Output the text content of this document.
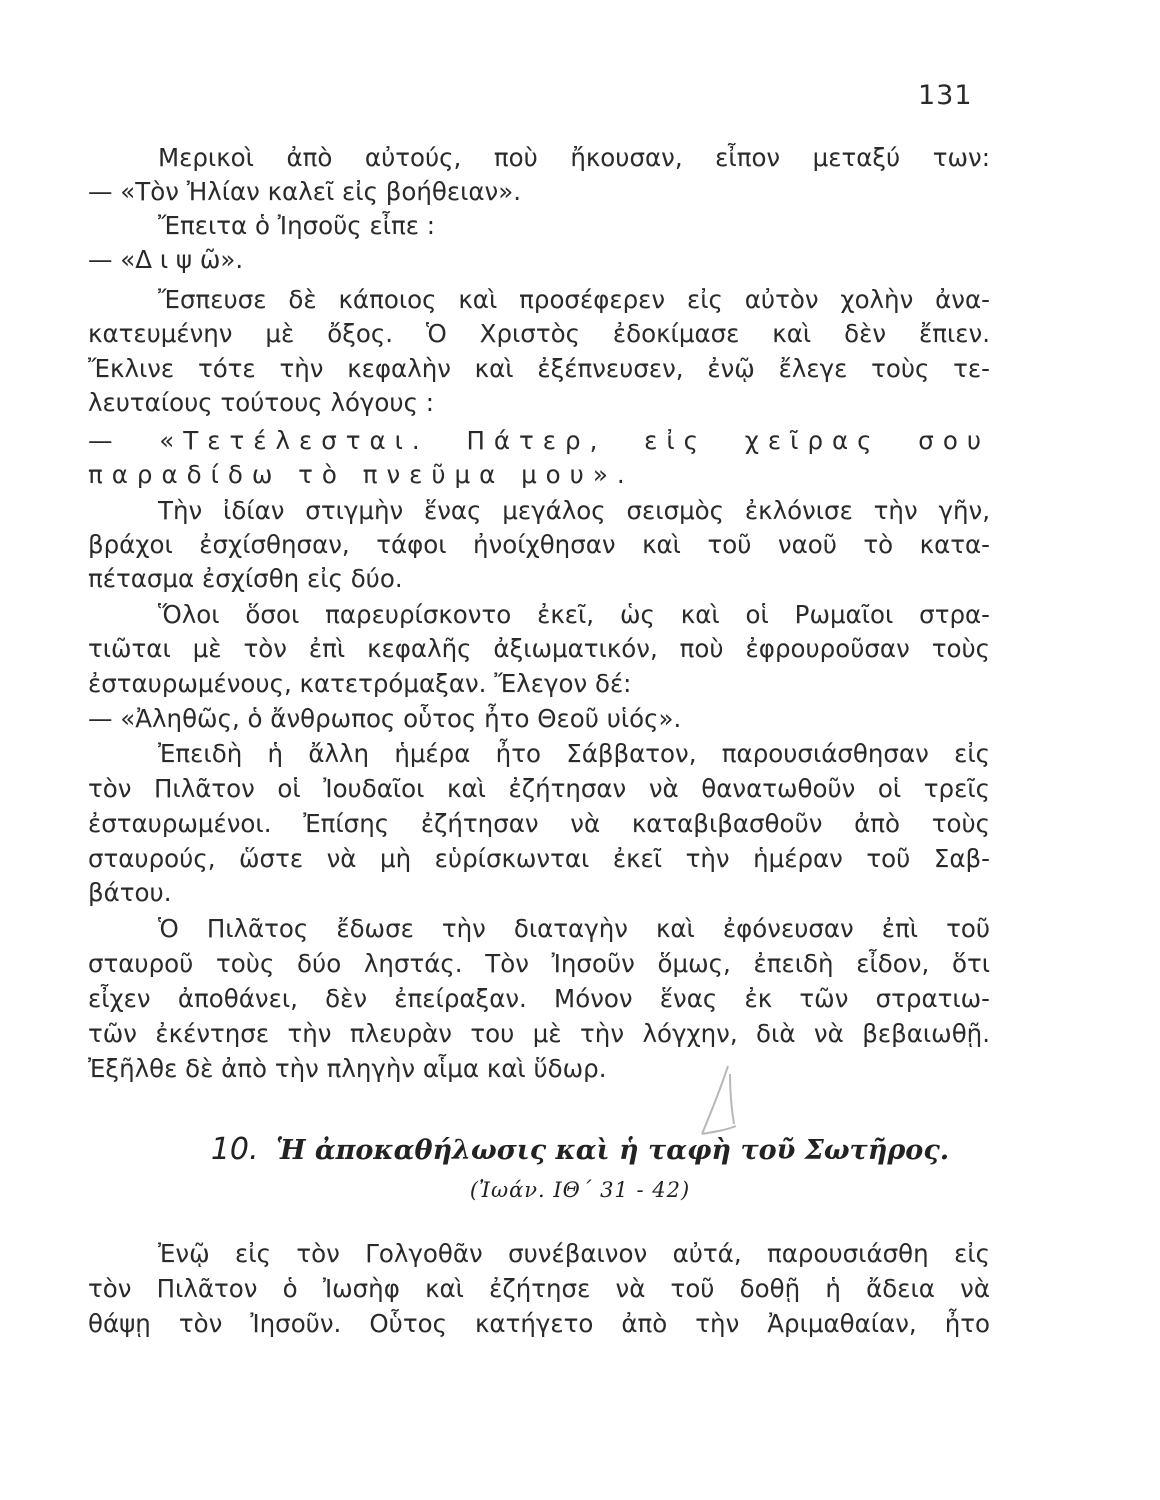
131
Μερικοὶ ἀπὸ αὐτούς, ποὺ ἤκουσαν, εἶπον μεταξύ των:
— «Τὸν Ἠλίαν καλεῖ εἰς βοήθειαν».
Ἔπειτα ὁ Ἰησοῦς εἶπε :
— «Δ ι ψ ῶ».
Ἔσπευσε δὲ κάποιος καὶ προσέφερεν εἰς αὐτὸν χολὴν ἀνα-
κατευμένην μὲ ὄξος. Ὁ Χριστὸς ἐδοκίμασε καὶ δὲν ἔπιεν.
Ἔκλινε τότε τὴν κεφαλὴν καὶ ἐξέπνευσεν, ἐνῷ ἔλεγε τοὺς τε-
λευταίους τούτους λόγους :
— «Τετέλεσται. Πάτερ, εἰς χεῖρας σου
παραδίδω τὸ πνεῦμα μου».
Τὴν ἰδίαν στιγμὴν ἕνας μεγάλος σεισμὸς ἐκλόνισε τὴν γῆν,
βράχοι ἐσχίσθησαν, τάφοι ἠνοίχθησαν καὶ τοῦ ναοῦ τὸ κατα-
πέτασμα ἐσχίσθη εἰς δύο.
Ὅλοι ὅσοι παρευρίσκοντο ἐκεῖ, ὡς καὶ οἱ Ρωμαῖοι στρα-
τιῶται μὲ τὸν ἐπὶ κεφαλῆς ἀξιωματικόν, ποὺ ἐφρουροῦσαν τοὺς
ἐσταυρωμένους, κατετρόμαξαν. Ἔλεγον δέ:
— «Ἀληθῶς, ὁ ἄνθρωπος οὗτος ἦτο Θεοῦ υἱός».
Ἐπειδὴ ἡ ἄλλη ἡμέρα ἦτο Σάββατον, παρουσιάσθησαν εἰς
τὸν Πιλᾶτον οἱ Ἰουδαῖοι καὶ ἐζήτησαν νὰ θανατωθοῦν οἱ τρεῖς
ἐσταυρωμένοι. Ἐπίσης ἐζήτησαν νὰ καταβιβασθοῦν ἀπὸ τοὺς
σταυρούς, ὥστε νὰ μὴ εὑρίσκωνται ἐκεῖ τὴν ἡμέραν τοῦ Σαβ-
βάτου.
Ὁ Πιλᾶτος ἔδωσε τὴν διαταγὴν καὶ ἐφόνευσαν ἐπὶ τοῦ
σταυροῦ τοὺς δύο ληστάς. Τὸν Ἰησοῦν ὅμως, ἐπειδὴ εἶδον, ὅτι
εἶχεν ἀποθάνει, δὲν ἐπείραξαν. Μόνον ἕνας ἐκ τῶν στρατιω-
τῶν ἐκέντησε τὴν πλευρὰν του μὲ τὴν λόγχην, διὰ νὰ βεβαιωθῇ.
Ἐξῆλθε δὲ ἀπὸ τὴν πληγὴν αἷμα καὶ ὕδωρ.
10. Ἡ ἀποκαθήλωσις καὶ ἡ ταφὴ τοῦ Σωτῆρος.
(Ἰωάν. ΙΘ΄ 31 - 42)
Ἐνῷ εἰς τὸν Γολγοθᾶν συνέβαινον αὐτά, παρουσιάσθη εἰς
τὸν Πιλᾶτον ὁ Ἰωσὴφ καὶ ἐζήτησε νὰ τοῦ δοθῇ ἡ ἄδεια νὰ
θάψῃ τὸν Ἰησοῦν. Οὗτος κατήγετο ἀπὸ τὴν Ἀριμαθαίαν, ἦτο
